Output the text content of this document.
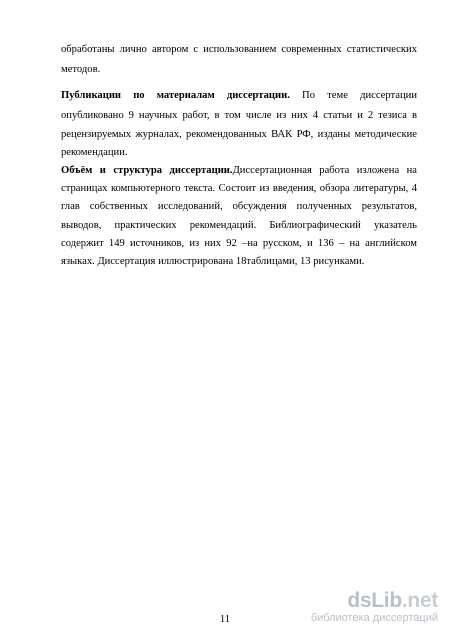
обработаны лично автором с использованием современных статистических
методов.
Публикации по материалам диссертации. По теме диссертации
опубликовано 9 научных работ, в том числе из них 4 статьи и 2 тезиса в
рецензируемых журналах, рекомендованных ВАК РФ, изданы методические
рекомендации.
Объём и структура диссертации.Диссертационная работа изложена на
страницах компьютерного текста. Состоит из введения, обзора литературы, 4
глав собственных исследований, обсуждения полученных результатов,
выводов, практических рекомендаций. Библиографический указатель
содержит 149 источников, из них 92 –на русском, и 136 – на английском
языках. Диссертация иллюстрирована 18таблицами, 13 рисунками.
11
dsLib.net
библиотека диссертаций
